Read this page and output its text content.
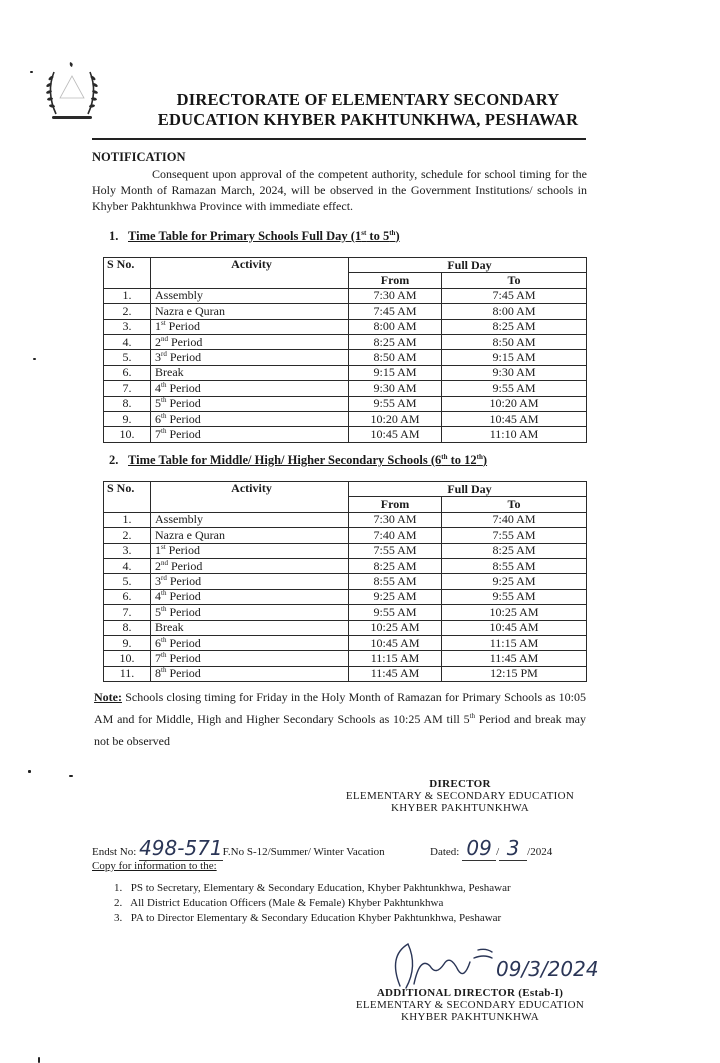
DIRECTORATE OF ELEMENTARY SECONDARY
EDUCATION KHYBER PAKHTUNKHWA, PESHAWAR
NOTIFICATION
Consequent upon approval of the competent authority, schedule for school timing for the Holy Month of Ramazan March, 2024, will be observed in the Government Institutions/ schools in Khyber Pakhtunkhwa Province with immediate effect.
1. Time Table for Primary Schools Full Day (1st to 5th)
S No.	Activity	Full Day	
		From	To
1.	Assembly	7:30 AM	7:45 AM
2.	Nazra e Quran	7:45 AM	8:00 AM
3.	1st Period	8:00 AM	8:25 AM
4.	2nd Period	8:25 AM	8:50 AM
5.	3rd Period	8:50 AM	9:15 AM
6.	Break	9:15 AM	9:30 AM
7.	4th Period	9:30 AM	9:55 AM
8.	5th Period	9:55 AM	10:20 AM
9.	6th Period	10:20 AM	10:45 AM
10.	7th Period	10:45 AM	11:10 AM
2. Time Table for Middle/ High/ Higher Secondary Schools (6th to 12th)
S No.	Activity	Full Day	
		From	To
1.	Assembly	7:30 AM	7:40 AM
2.	Nazra e Quran	7:40 AM	7:55 AM
3.	1st Period	7:55 AM	8:25 AM
4.	2nd Period	8:25 AM	8:55 AM
5.	3rd Period	8:55 AM	9:25 AM
6.	4th Period	9:25 AM	9:55 AM
7.	5th Period	9:55 AM	10:25 AM
8.	Break	10:25 AM	10:45 AM
9.	6th Period	10:45 AM	11:15 AM
10.	7th Period	11:15 AM	11:45 AM
11.	8th Period	11:45 AM	12:15 PM
Note: Schools closing timing for Friday in the Holy Month of Ramazan for Primary Schools as 10:05 AM and for Middle, High and Higher Secondary Schools as 10:25 AM till 5th Period and break may not be observed
DIRECTOR
ELEMENTARY & SECONDARY EDUCATION
KHYBER PAKHTUNKHWA
Endst No: 498-571F.No S-12/Summer/ Winter Vacation	Dated: 09 / 3 /2024
Copy for information to the:
1. PS to Secretary, Elementary & Secondary Education, Khyber Pakhtunkhwa, Peshawar
2. All District Education Officers (Male & Female) Khyber Pakhtunkhwa
3. PA to Director Elementary & Secondary Education Khyber Pakhtunkhwa, Peshawar
09/3/2024
ADDITIONAL DIRECTOR (Estab-I)
ELEMENTARY & SECONDARY EDUCATION
KHYBER PAKHTUNKHWA
